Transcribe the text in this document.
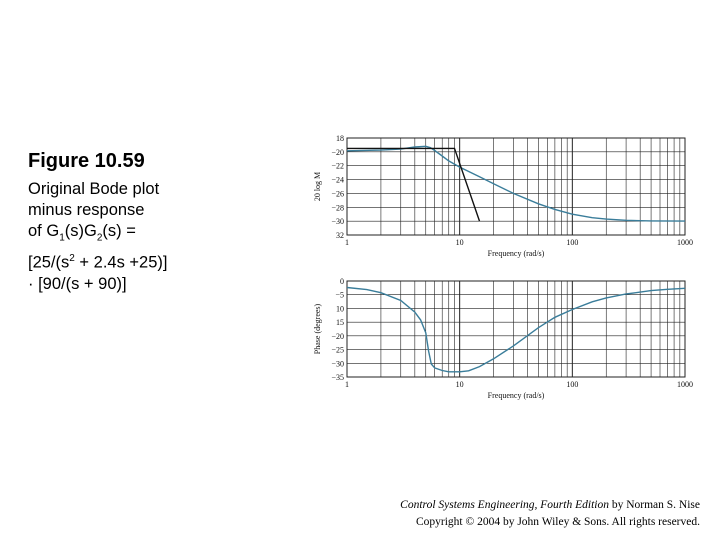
Figure 10.59
Original Bode plot
minus response
of $G_1(s)G_2(s)$ =
$[25/(s^2 + 2.4s +25)]$
· [90/(s + 90)]
18
−20
−22
−24
−26
−28
−30
32
1	10	100	1000
Frequency (rad/s)
20 log M
0
−5
10
15
−20
−25
−30
−35
1	10	100	1000
Frequency (rad/s)
Phase (degrees)
Control Systems Engineering, Fourth Edition by Norman S. Nise
Copyright © 2004 by John Wiley & Sons. All rights reserved.
